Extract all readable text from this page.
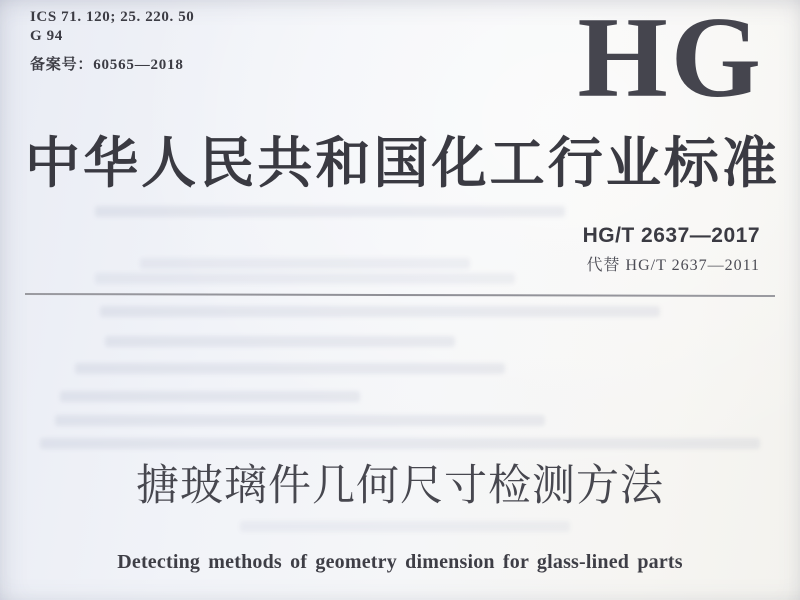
ICS 71. 120; 25. 220. 50
G 94
备案号：60565—2018	HG
中华人民共和国化工行业标准
HG/T 2637—2017
代替 HG/T 2637—2011
搪玻璃件几何尺寸检测方法
Detecting methods of geometry dimension for glass-lined parts
